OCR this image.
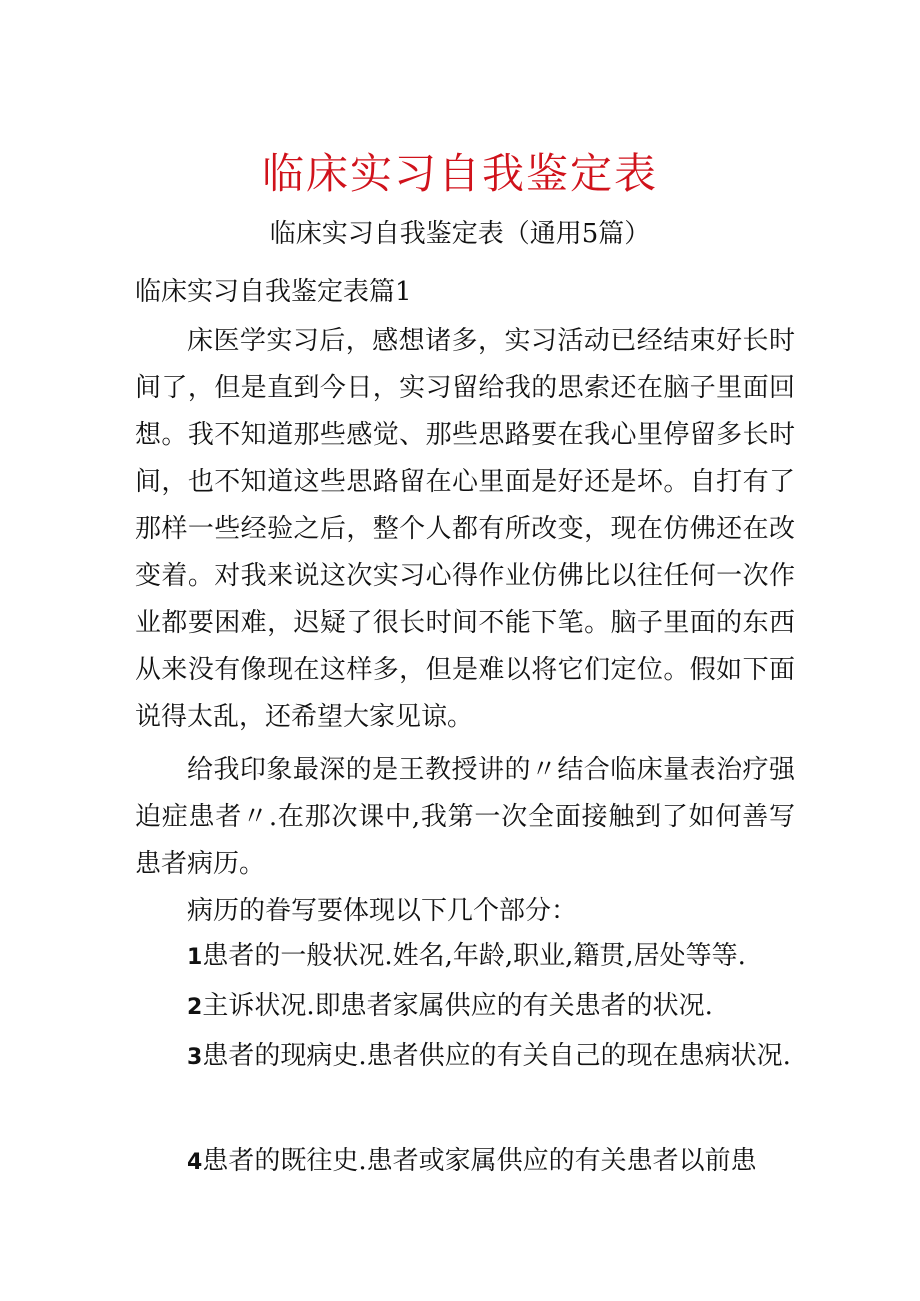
临床实习自我鉴定表

临床实习自我鉴定表（通用5篇）

临床实习自我鉴定表篇1

床医学实习后，感想诸多，实习活动已经结束好长时间了，但是直到今日，实习留给我的思索还在脑子里面回想。我不知道那些感觉、那些思路要在我心里停留多长时间，也不知道这些思路留在心里面是好还是坏。自打有了那样一些经验之后，整个人都有所改变，现在仿佛还在改变着。对我来说这次实习心得作业仿佛比以往任何一次作业都要困难，迟疑了很长时间不能下笔。脑子里面的东西从来没有像现在这样多，但是难以将它们定位。假如下面说得太乱，还希望大家见谅。

给我印象最深的是王教授讲的〃结合临床量表治疗强迫症患者〃.在那次课中,我第一次全面接触到了如何善写患者病历。

病历的眷写要体现以下几个部分：

1患者的一般状况.姓名,年龄,职业,籍贯,居处等等.

2主诉状况.即患者家属供应的有关患者的状况.

3患者的现病史.患者供应的有关自己的现在患病状况.

4患者的既往史.患者或家属供应的有关患者以前患
